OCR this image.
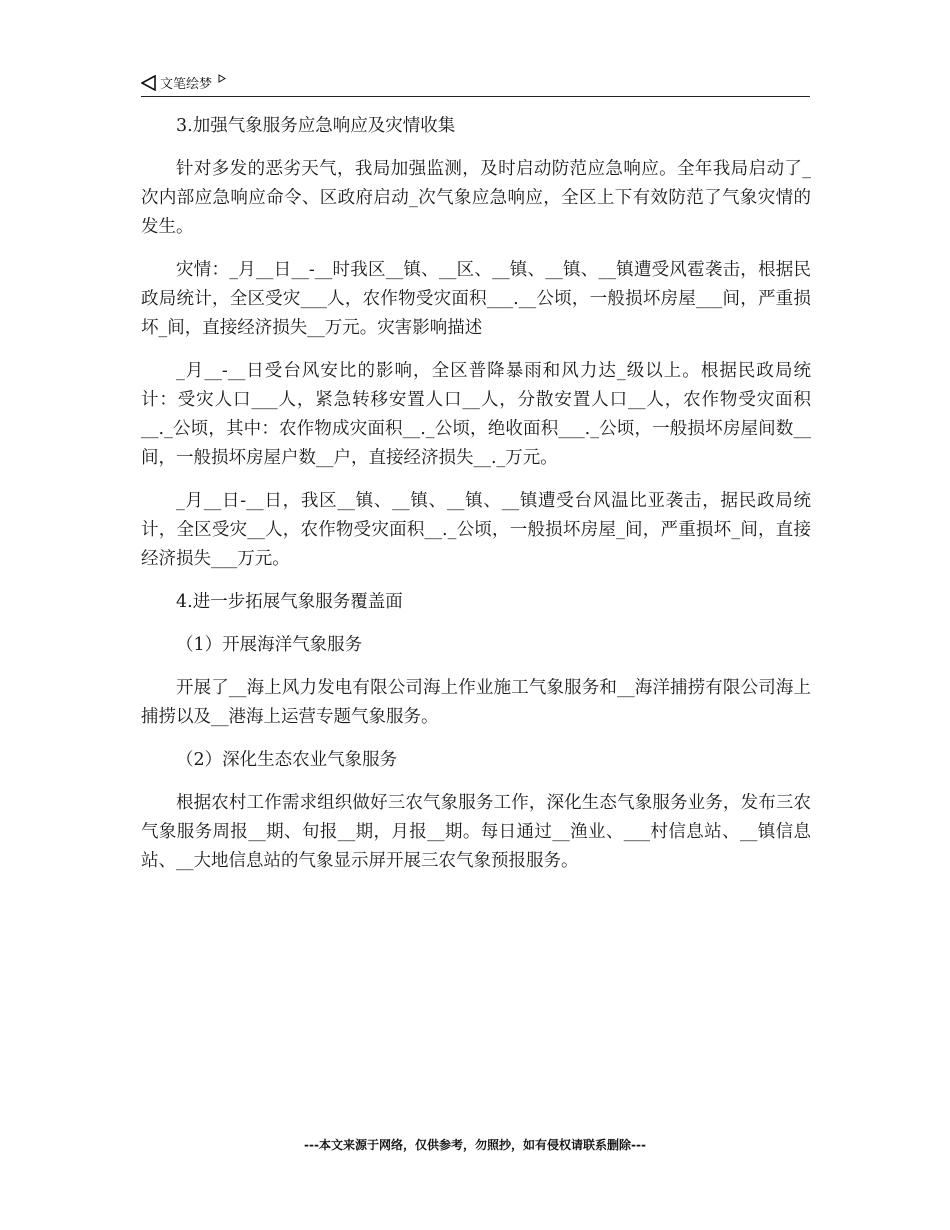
文笔绘梦

3.加强气象服务应急响应及灾情收集

针对多发的恶劣天气，我局加强监测，及时启动防范应急响应。全年我局启动了_次内部应急响应命令、区政府启动_次气象应急响应，全区上下有效防范了气象灾情的发生。

灾情：_月__日__-__时我区__镇、__区、__镇、__镇、__镇遭受风雹袭击，根据民政局统计，全区受灾___人，农作物受灾面积___.__公顷，一般损坏房屋___间，严重损坏_间，直接经济损失__万元。灾害影响描述

_月__-__日受台风安比的影响，全区普降暴雨和风力达_级以上。根据民政局统计：受灾人口___人，紧急转移安置人口__人，分散安置人口__人，农作物受灾面积__._公顷，其中：农作物成灾面积__._公顷，绝收面积___._公顷，一般损坏房屋间数__间，一般损坏房屋户数__户，直接经济损失__._万元。

_月__日-__日，我区__镇、__镇、__镇、__镇遭受台风温比亚袭击，据民政局统计，全区受灾__人，农作物受灾面积__._公顷，一般损坏房屋_间，严重损坏_间，直接经济损失___万元。

4.进一步拓展气象服务覆盖面

（1）开展海洋气象服务

开展了__海上风力发电有限公司海上作业施工气象服务和__海洋捕捞有限公司海上捕捞以及__港海上运营专题气象服务。

（2）深化生态农业气象服务

根据农村工作需求组织做好三农气象服务工作，深化生态气象服务业务，发布三农气象服务周报__期、旬报__期，月报__期。每日通过__渔业、___村信息站、__镇信息站、__大地信息站的气象显示屏开展三农气象预报服务。

---本文来源于网络，仅供参考，勿照抄，如有侵权请联系删除---
